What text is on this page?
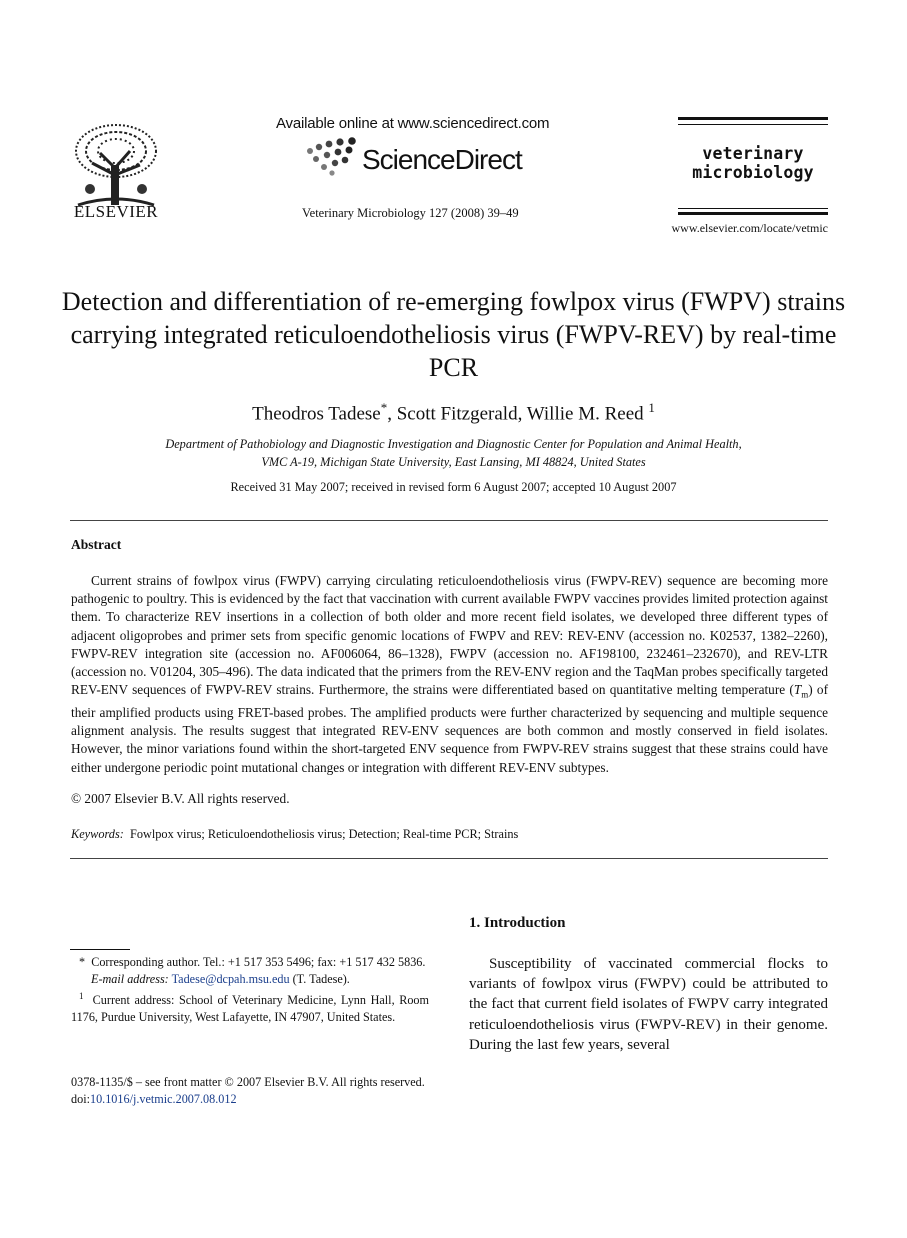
ELSEVIER
Available online at www.sciencedirect.com
ScienceDirect
Veterinary Microbiology 127 (2008) 39–49
veterinary
microbiology
www.elsevier.com/locate/vetmic
Detection and differentiation of re-emerging fowlpox virus (FWPV) strains carrying integrated reticuloendotheliosis virus (FWPV-REV) by real-time PCR
Theodros Tadese*, Scott Fitzgerald, Willie M. Reed $^1$
Department of Pathobiology and Diagnostic Investigation and Diagnostic Center for Population and Animal Health,
VMC A-19, Michigan State University, East Lansing, MI 48824, United States
Received 31 May 2007; received in revised form 6 August 2007; accepted 10 August 2007
Abstract
Current strains of fowlpox virus (FWPV) carrying circulating reticuloendotheliosis virus (FWPV-REV) sequence are becoming more pathogenic to poultry. This is evidenced by the fact that vaccination with current available FWPV vaccines provides limited protection against them. To characterize REV insertions in a collection of both older and more recent field isolates, we developed three different types of adjacent oligoprobes and primer sets from specific genomic locations of FWPV and REV: REV-ENV (accession no. K02537, 1382–2260), FWPV-REV integration site (accession no. AF006064, 86–1328), FWPV (accession no. AF198100, 232461–232670), and REV-LTR (accession no. V01204, 305–496). The data indicated that the primers from the REV-ENV region and the TaqMan probes specifically targeted REV-ENV sequences of FWPV-REV strains. Furthermore, the strains were differentiated based on quantitative melting temperature $(T_m)$ of their amplified products using FRET-based probes. The amplified products were further characterized by sequencing and multiple sequence alignment analysis. The results suggest that integrated REV-ENV sequences are both common and mostly conserved in field isolates. However, the minor variations found within the short-targeted ENV sequence from FWPV-REV strains suggest that these strains could have either undergone periodic point mutational changes or integration with different REV-ENV subtypes.
© 2007 Elsevier B.V. All rights reserved.
Keywords: Fowlpox virus; Reticuloendotheliosis virus; Detection; Real-time PCR; Strains

* Corresponding author. Tel.: +1 517 353 5496; fax: +1 517 432 5836.

E-mail address: Tadese@dcpah.msu.edu (T. Tadese).

$^1$ Current address: School of Veterinary Medicine, Lynn Hall, Room 1176, Purdue University, West Lafayette, IN 47907, United States.

0378-1135/$ – see front matter © 2007 Elsevier B.V. All rights reserved.
doi:10.1016/j.vetmic.2007.08.012
1. Introduction
Susceptibility of vaccinated commercial flocks to variants of fowlpox virus (FWPV) could be attributed to the fact that current field isolates of FWPV carry integrated reticuloendotheliosis virus (FWPV-REV) in their genome. During the last few years, several
